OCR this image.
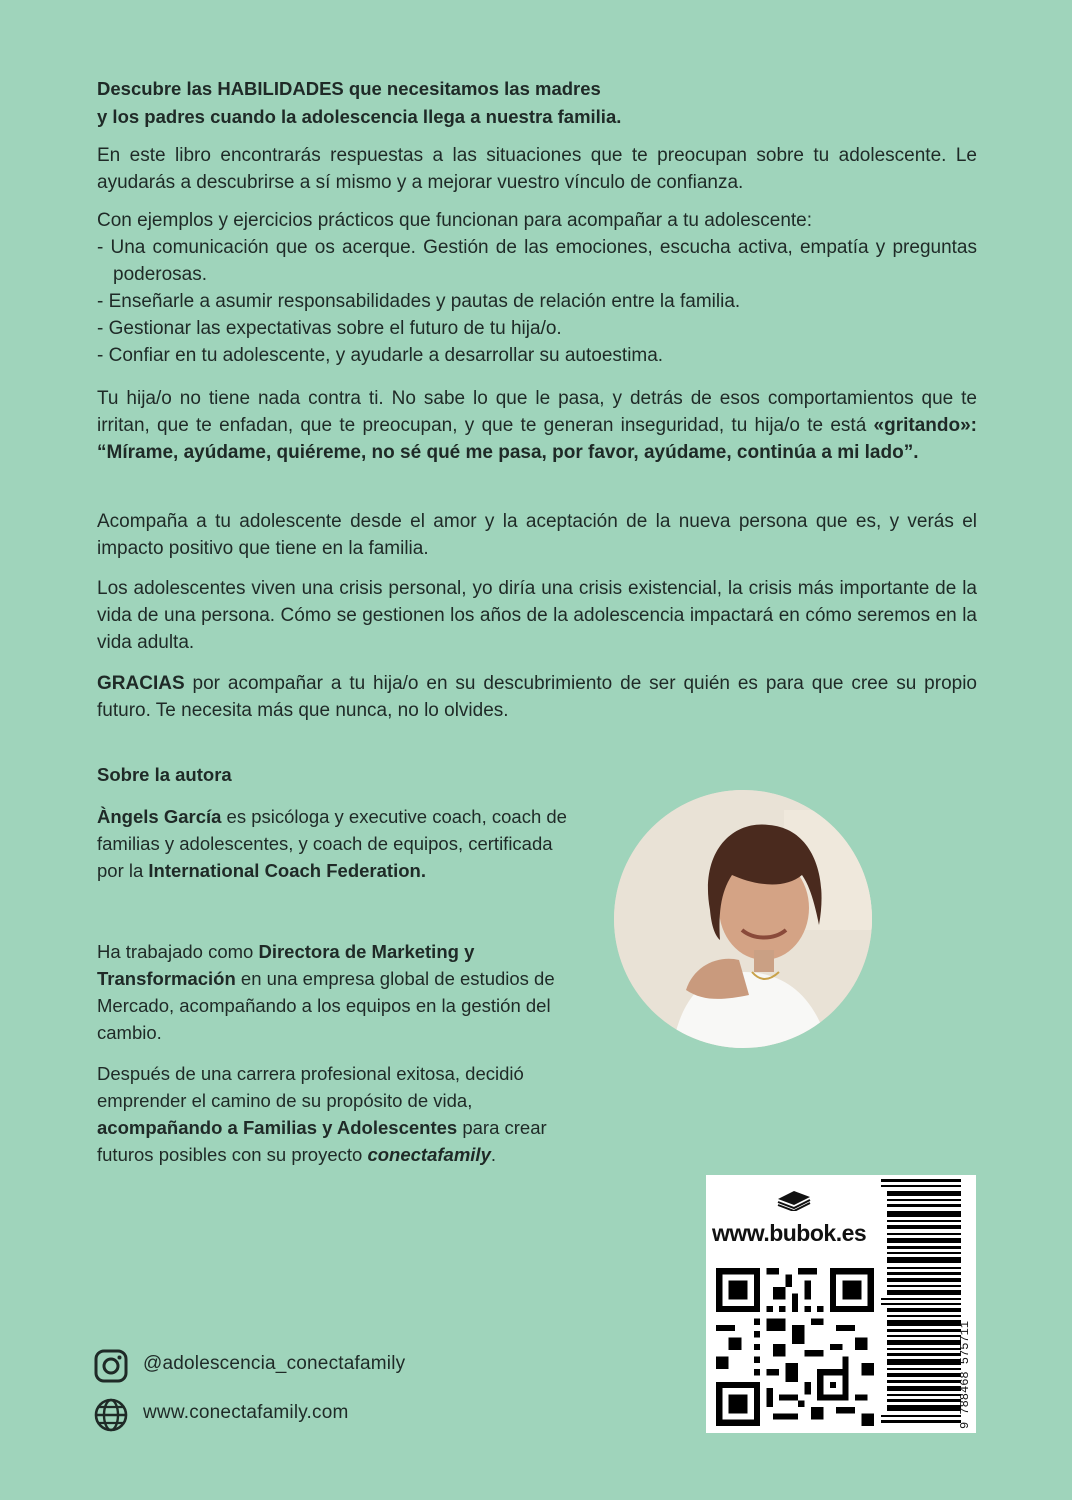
Descubre las HABILIDADES que necesitamos las madres
y los padres cuando la adolescencia llega a nuestra familia.

En este libro encontrarás respuestas a las situaciones que te preocupan sobre tu adolescente. Le ayudarás a descubrirse a sí mismo y a mejorar vuestro vínculo de confianza.

Con ejemplos y ejercicios prácticos que funcionan para acompañar a tu adolescente:
- Una comunicación que os acerque. Gestión de las emociones, escucha activa, empatía y preguntas poderosas.
- Enseñarle a asumir responsabilidades y pautas de relación entre la familia.
- Gestionar las expectativas sobre el futuro de tu hija/o.
- Confiar en tu adolescente, y ayudarle a desarrollar su autoestima.

Tu hija/o no tiene nada contra ti. No sabe lo que le pasa, y detrás de esos comportamientos que te irritan, que te enfadan, que te preocupan, y que te generan inseguridad, tu hija/o te está «gritando»: “Mírame, ayúdame, quiéreme, no sé qué me pasa, por favor, ayúdame, continúa a mi lado”.

Acompaña a tu adolescente desde el amor y la aceptación de la nueva persona que es, y verás el impacto positivo que tiene en la familia.

Los adolescentes viven una crisis personal, yo diría una crisis existencial, la crisis más importante de la vida de una persona. Cómo se gestionen los años de la adolescencia impactará en cómo seremos en la vida adulta.

GRACIAS por acompañar a tu hija/o en su descubrimiento de ser quién es para que cree su propio futuro. Te necesita más que nunca, no lo olvides.

Sobre la autora

Àngels García es psicóloga y executive coach, coach de familias y adolescentes, y coach de equipos, certificada por la International Coach Federation.

Ha trabajado como Directora de Marketing y Transformación en una empresa global de estudios de Mercado, acompañando a los equipos en la gestión del cambio.

Después de una carrera profesional exitosa, decidió emprender el camino de su propósito de vida, acompañando a Familias y Adolescentes para crear futuros posibles con su proyecto conectafamily.

www.bubok.es
9 788468 575711
@adolescencia_conectafamily
www.conectafamily.com
